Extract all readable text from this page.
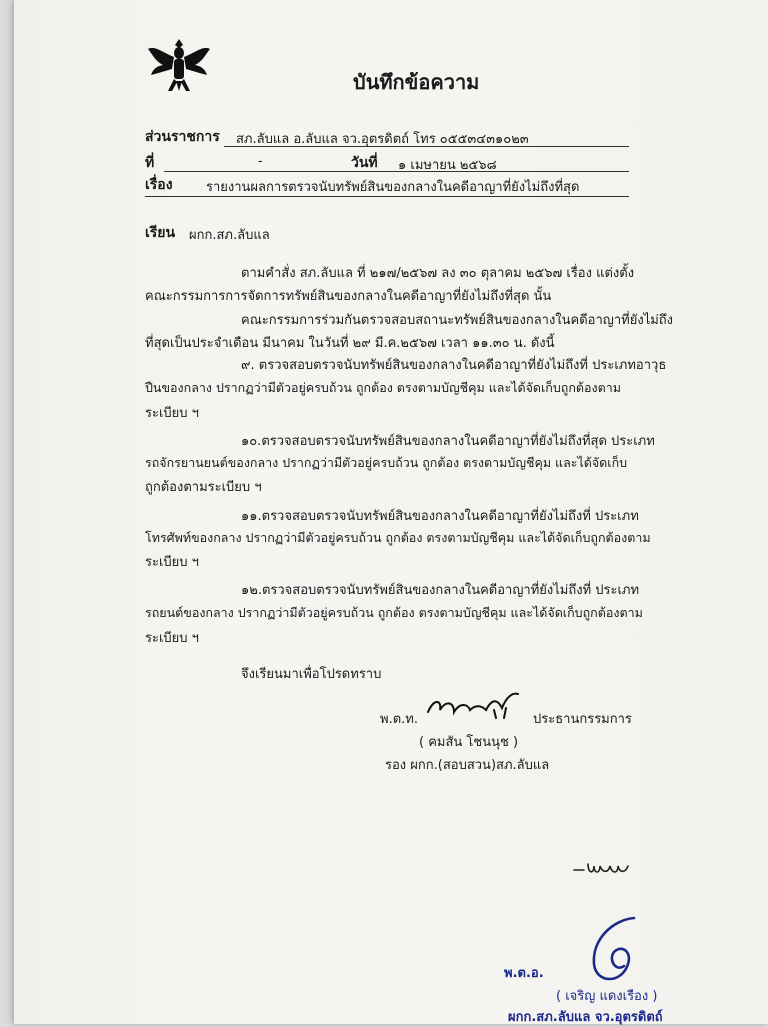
บันทึกข้อความ
ส่วนราชการ สภ.ลับแล อ.ลับแล จว.อุตรดิตถ์ โทร ๐๕๕๓๔๓๑๐๒๓
ที่	-	วันที่ ๑ เมษายน ๒๕๖๘
เรื่อง	รายงานผลการตรวจนับทรัพย์สินของกลางในคดีอาญาที่ยังไม่ถึงที่สุด
เรียน ผกก.สภ.ลับแล
ตามคำสั่ง สภ.ลับแล ที่ ๒๑๗/๒๕๖๗ ลง ๓๐ ตุลาคม ๒๕๖๗ เรื่อง แต่งตั้ง
คณะกรรมการการจัดการทรัพย์สินของกลางในคดีอาญาที่ยังไม่ถึงที่สุด นั้น
คณะกรรมการร่วมกันตรวจสอบสถานะทรัพย์สินของกลางในคดีอาญาที่ยังไม่ถึง
ที่สุดเป็นประจำเดือน มีนาคม ในวันที่ ๒๙ มี.ค.๒๕๖๗ เวลา ๑๑.๓๐ น. ดังนี้
๙. ตรวจสอบตรวจนับทรัพย์สินของกลางในคดีอาญาที่ยังไม่ถึงที่ ประเภทอาวุธ
ปืนของกลาง ปรากฏว่ามีตัวอยู่ครบถ้วน ถูกต้อง ตรงตามบัญชีคุม และได้จัดเก็บถูกต้องตาม
ระเบียบ ฯ
๑๐.ตรวจสอบตรวจนับทรัพย์สินของกลางในคดีอาญาที่ยังไม่ถึงที่สุด ประเภท
รถจักรยานยนต์ของกลาง ปรากฏว่ามีตัวอยู่ครบถ้วน ถูกต้อง ตรงตามบัญชีคุม และได้จัดเก็บ
ถูกต้องตามระเบียบ ฯ
๑๑.ตรวจสอบตรวจนับทรัพย์สินของกลางในคดีอาญาที่ยังไม่ถึงที่ ประเภท
โทรศัพท์ของกลาง ปรากฏว่ามีตัวอยู่ครบถ้วน ถูกต้อง ตรงตามบัญชีคุม และได้จัดเก็บถูกต้องตาม
ระเบียบ ฯ
๑๒.ตรวจสอบตรวจนับทรัพย์สินของกลางในคดีอาญาที่ยังไม่ถึงที่ ประเภท
รถยนต์ของกลาง ปรากฏว่ามีตัวอยู่ครบถ้วน ถูกต้อง ตรงตามบัญชีคุม และได้จัดเก็บถูกต้องตาม
ระเบียบ ฯ
จึงเรียนมาเพื่อโปรดทราบ
พ.ต.ท.	ประธานกรรมการ
( คมสัน โชนนุช )
รอง ผกก.(สอบสวน)สภ.ลับแล
พ.ต.อ.
( เจริญ แดงเรือง )
ผกก.สภ.ลับแล จว.อุตรดิตถ์
